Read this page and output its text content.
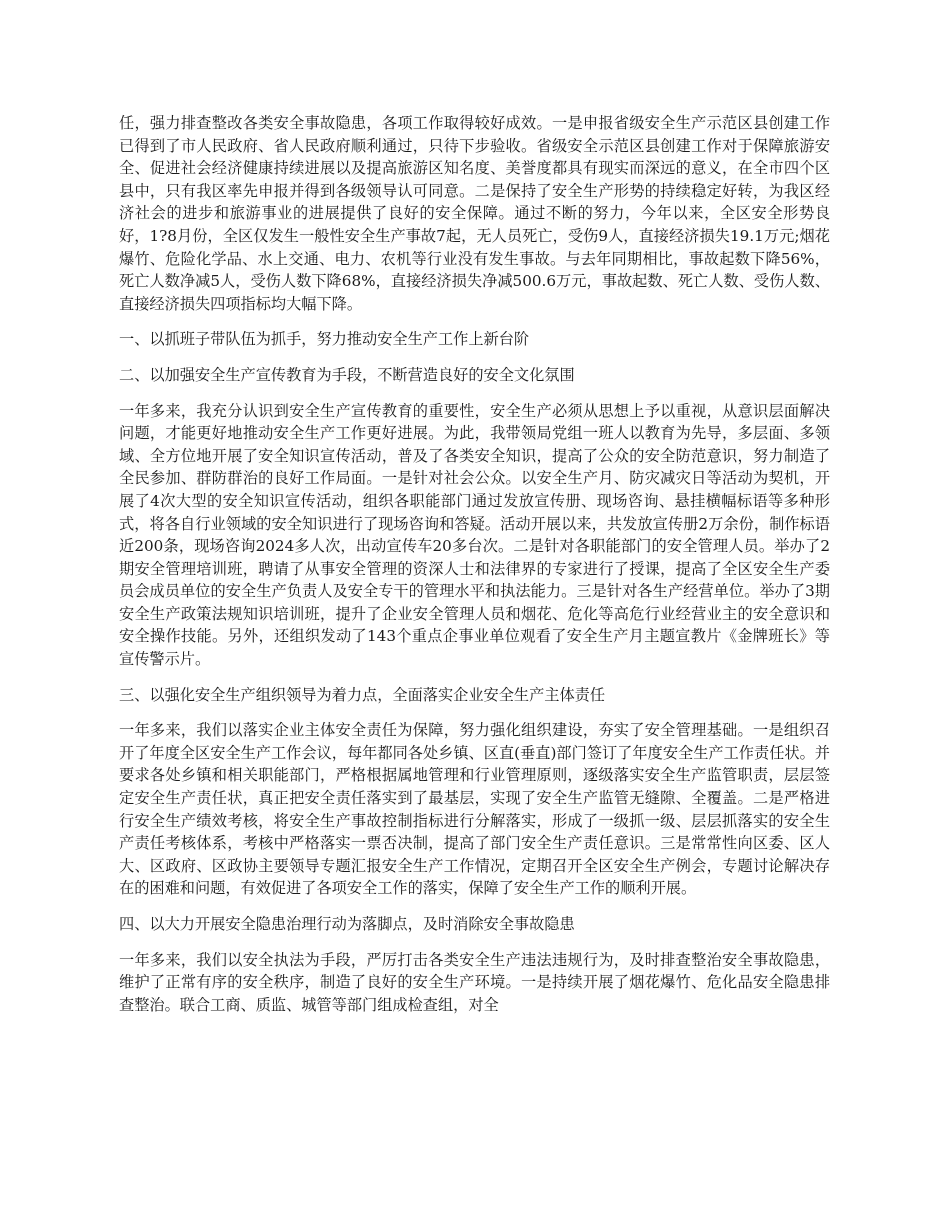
任，强力排查整改各类安全事故隐患，各项工作取得较好成效。一是申报省级安全生产示范区县创建工作已得到了市人民政府、省人民政府顺利通过，只待下步验收。省级安全示范区县创建工作对于保障旅游安全、促进社会经济健康持续进展以及提高旅游区知名度、美誉度都具有现实而深远的意义，在全市四个区县中，只有我区率先申报并得到各级领导认可同意。二是保持了安全生产形势的持续稳定好转，为我区经济社会的进步和旅游事业的进展提供了良好的安全保障。通过不断的努力，今年以来，全区安全形势良好，1?8月份，全区仅发生一般性安全生产事故7起，无人员死亡，受伤9人，直接经济损失19.1万元;烟花爆竹、危险化学品、水上交通、电力、农机等行业没有发生事故。与去年同期相比，事故起数下降56%，死亡人数净减5人，受伤人数下降68%，直接经济损失净减500.6万元，事故起数、死亡人数、受伤人数、直接经济损失四项指标均大幅下降。

一、以抓班子带队伍为抓手，努力推动安全生产工作上新台阶

二、以加强安全生产宣传教育为手段，不断营造良好的安全文化氛围

一年多来，我充分认识到安全生产宣传教育的重要性，安全生产必须从思想上予以重视，从意识层面解决问题，才能更好地推动安全生产工作更好进展。为此，我带领局党组一班人以教育为先导，多层面、多领域、全方位地开展了安全知识宣传活动，普及了各类安全知识，提高了公众的安全防范意识，努力制造了全民参加、群防群治的良好工作局面。一是针对社会公众。以安全生产月、防灾减灾日等活动为契机，开展了4次大型的安全知识宣传活动，组织各职能部门通过发放宣传册、现场咨询、悬挂横幅标语等多种形式，将各自行业领域的安全知识进行了现场咨询和答疑。活动开展以来，共发放宣传册2万余份，制作标语近200条，现场咨询2024多人次，出动宣传车20多台次。二是针对各职能部门的安全管理人员。举办了2期安全管理培训班，聘请了从事安全管理的资深人士和法律界的专家进行了授课，提高了全区安全生产委员会成员单位的安全生产负责人及安全专干的管理水平和执法能力。三是针对各生产经营单位。举办了3期安全生产政策法规知识培训班，提升了企业安全管理人员和烟花、危化等高危行业经营业主的安全意识和安全操作技能。另外，还组织发动了143个重点企事业单位观看了安全生产月主题宣教片《金牌班长》等宣传警示片。

三、以强化安全生产组织领导为着力点，全面落实企业安全生产主体责任

一年多来，我们以落实企业主体安全责任为保障，努力强化组织建设，夯实了安全管理基础。一是组织召开了年度全区安全生产工作会议，每年都同各处乡镇、区直(垂直)部门签订了年度安全生产工作责任状。并要求各处乡镇和相关职能部门，严格根据属地管理和行业管理原则，逐级落实安全生产监管职责，层层签定安全生产责任状，真正把安全责任落实到了最基层，实现了安全生产监管无缝隙、全覆盖。二是严格进行安全生产绩效考核，将安全生产事故控制指标进行分解落实，形成了一级抓一级、层层抓落实的安全生产责任考核体系，考核中严格落实一票否决制，提高了部门安全生产责任意识。三是常常性向区委、区人大、区政府、区政协主要领导专题汇报安全生产工作情况，定期召开全区安全生产例会，专题讨论解决存在的困难和问题，有效促进了各项安全工作的落实，保障了安全生产工作的顺利开展。

四、以大力开展安全隐患治理行动为落脚点，及时消除安全事故隐患

一年多来，我们以安全执法为手段，严厉打击各类安全生产违法违规行为，及时排查整治安全事故隐患，维护了正常有序的安全秩序，制造了良好的安全生产环境。一是持续开展了烟花爆竹、危化品安全隐患排查整治。联合工商、质监、城管等部门组成检查组，对全
